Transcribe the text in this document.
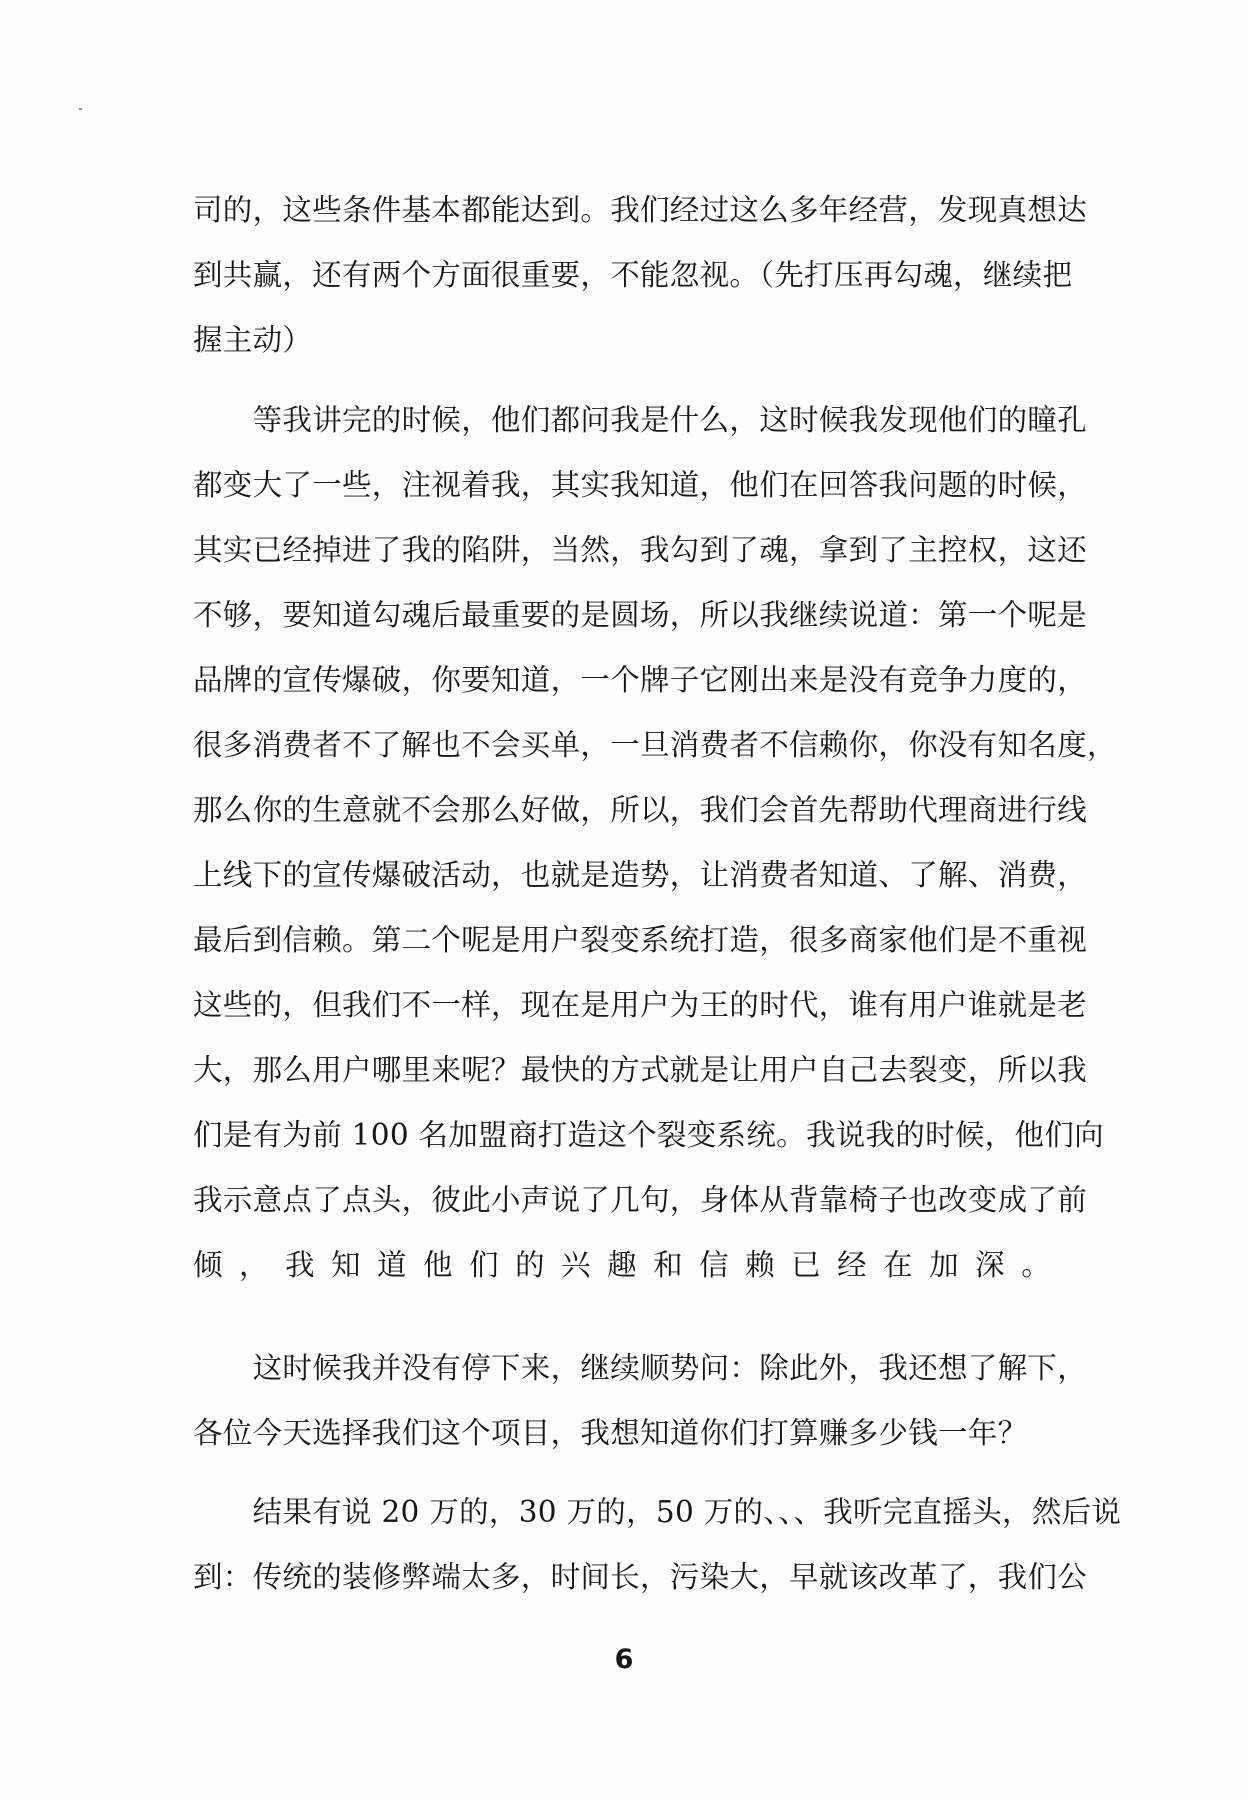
司的，这些条件基本都能达到。我们经过这么多年经营，发现真想达
到共赢，还有两个方面很重要，不能忽视。（先打压再勾魂，继续把
握主动）
　　等我讲完的时候，他们都问我是什么，这时候我发现他们的瞳孔
都变大了一些，注视着我，其实我知道，他们在回答我问题的时候，
其实已经掉进了我的陷阱，当然，我勾到了魂，拿到了主控权，这还
不够，要知道勾魂后最重要的是圆场，所以我继续说道：第一个呢是
品牌的宣传爆破，你要知道，一个牌子它刚出来是没有竞争力度的，
很多消费者不了解也不会买单，一旦消费者不信赖你，你没有知名度，
那么你的生意就不会那么好做，所以，我们会首先帮助代理商进行线
上线下的宣传爆破活动，也就是造势，让消费者知道、了解、消费，
最后到信赖。第二个呢是用户裂变系统打造，很多商家他们是不重视
这些的，但我们不一样，现在是用户为王的时代，谁有用户谁就是老
大，那么用户哪里来呢？最快的方式就是让用户自己去裂变，所以我
们是有为前 100 名加盟商打造这个裂变系统。我说我的时候，他们向
我示意点了点头，彼此小声说了几句，身体从背靠椅子也改变成了前
倾，我知道他们的兴趣和信赖已经在加深。
　　这时候我并没有停下来，继续顺势问：除此外，我还想了解下，
各位今天选择我们这个项目，我想知道你们打算赚多少钱一年？
　　结果有说 20 万的，30 万的，50 万的、、、我听完直摇头，然后说
到：传统的装修弊端太多，时间长，污染大，早就该改革了，我们公
6
